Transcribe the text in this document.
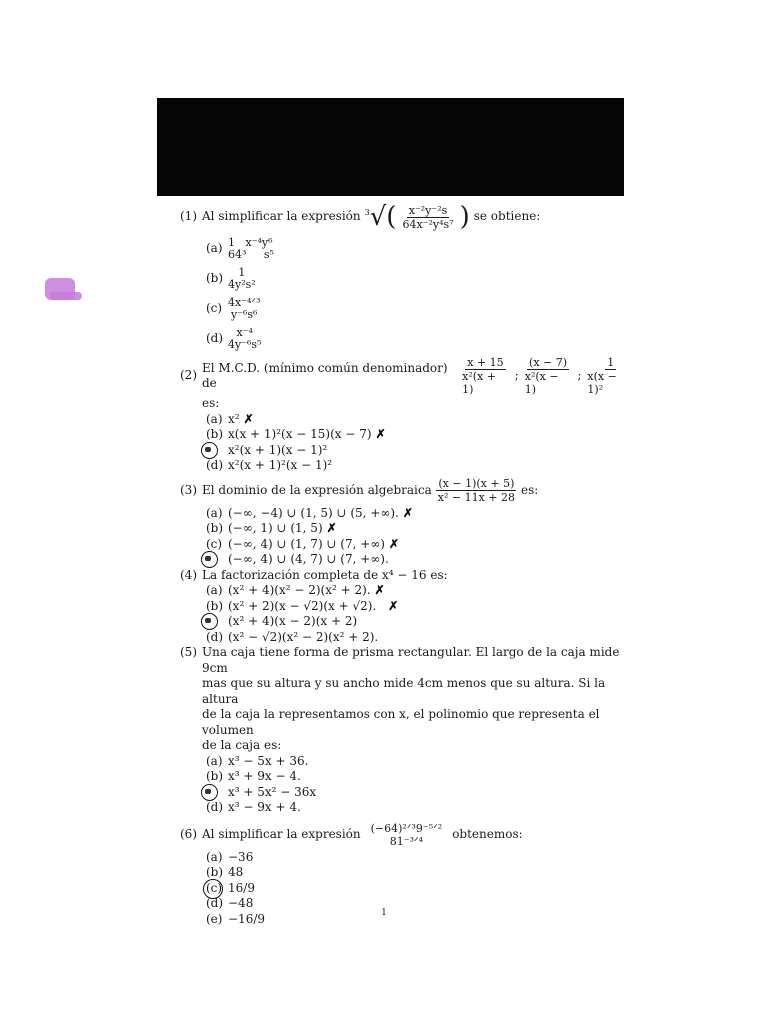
(1) Al simplificar la expresión 3 √ ( $\frac{\text{x⁻²y⁻²s}}{\text{64x⁻²y⁴s⁷}}$ ) se obtiene:
(a) 1   x⁻⁴y⁶
64³     s⁵
(b)	1
4y²s²
(c) 4x⁻⁴ᐟ³
y⁻⁶s⁶
(d)	x⁻⁴
4y⁻⁶s⁵
(2)
El M.C.D. (mínimo común denominador) de	$\frac{x + 15}{\text{x²(x + 1)}}$ ; $\frac{(x - 7)}{\text{x²(x − 1)}}$ ; $\frac{1}{\text{x(x − 1)²}}$
es:
(a) x² ✗
(b) x(x + 1)²(x − 15)(x − 7) ✗
x²(x + 1)(x − 1)²
(d) x²(x + 1)²(x − 1)²
(3) El dominio de la expresión algebraica $\frac{(x - 1)(x + 5)}{\text{x² − 11x + 28}}$ es:
(a) (−∞, −4) ∪ (1, 5) ∪ (5, +∞). ✗
(b) (−∞, 1) ∪ (1, 5) ✗
(c) (−∞, 4) ∪ (1, 7) ∪ (7, +∞) ✗
(−∞, 4) ∪ (4, 7) ∪ (7, +∞).
(4) La factorización completa de x⁴ − 16 es:
(a) (x² + 4)(x² − 2)(x² + 2). ✗
(b) (x² + 2)(x − √2)(x + √2). ✗
(x² + 4)(x − 2)(x + 2)
(d) (x² − √2)(x² − 2)(x² + 2).
(5) Una caja tiene forma de prisma rectangular. El largo de la caja mide 9cm
mas que su altura y su ancho mide 4cm menos que su altura. Si la altura
de la caja la representamos con x, el polinomio que representa el volumen
de la caja es:
(a) x³ − 5x + 36.
(b) x³ + 9x − 4.
x³ + 5x² − 36x
(d) x³ − 9x + 4.
(6) Al simplificar la expresión (−64)²ᐟ³9⁻⁵ᐟ²
81⁻³ᐟ⁴
obtenemos:
(a) −36
(b) 48
(c) 16/9
(d) −48
(e) −16/9	1
